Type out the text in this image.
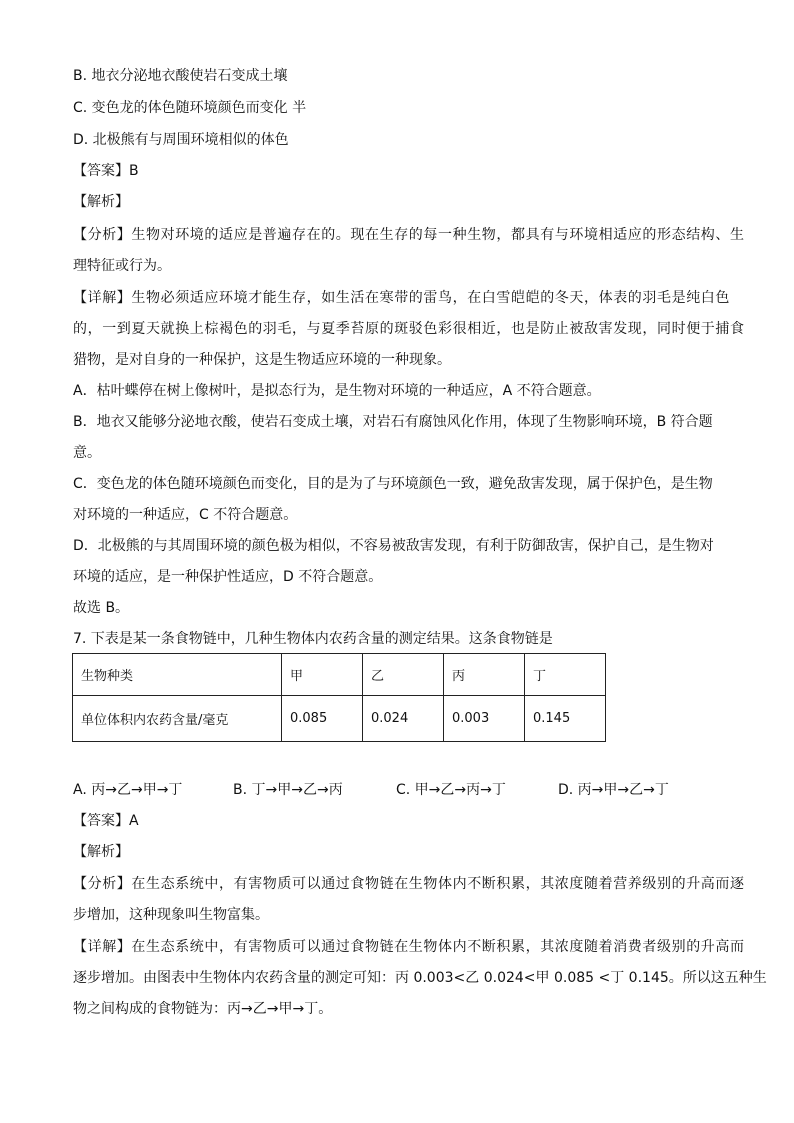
B. 地衣分泌地衣酸使岩石变成土壤
C. 变色龙的体色随环境颜色而变化 半
D. 北极熊有与周围环境相似的体色
【答案】B
【解析】
【分析】生物对环境的适应是普遍存在的。现在生存的每一种生物，都具有与环境相适应的形态结构、生
理特征或行为。
【详解】生物必须适应环境才能生存，如生活在寒带的雷鸟，在白雪皑皑的冬天，体表的羽毛是纯白色
的，一到夏天就换上棕褐色的羽毛，与夏季苔原的斑驳色彩很相近，也是防止被敌害发现，同时便于捕食
猎物，是对自身的一种保护，这是生物适应环境的一种现象。
A．枯叶蝶停在树上像树叶，是拟态行为，是生物对环境的一种适应，A 不符合题意。
B．地衣又能够分泌地衣酸，使岩石变成土壤，对岩石有腐蚀风化作用，体现了生物影响环境，B 符合题
意。
C．变色龙的体色随环境颜色而变化，目的是为了与环境颜色一致，避免敌害发现，属于保护色，是生物
对环境的一种适应，C 不符合题意。
D．北极熊的与其周围环境的颜色极为相似，不容易被敌害发现，有利于防御敌害，保护自己，是生物对
环境的适应，是一种保护性适应，D 不符合题意。
故选 B。
7. 下表是某一条食物链中，几种生物体内农药含量的测定结果。这条食物链是
生物种类	甲	乙	丙	丁
单位体积内农药含量/毫克	0.085	0.024	0.003	0.145
A. 丙→乙→甲→丁	B. 丁→甲→乙→丙	C. 甲→乙→丙→丁	D. 丙→甲→乙→丁
【答案】A
【解析】
【分析】在生态系统中，有害物质可以通过食物链在生物体内不断积累，其浓度随着营养级别的升高而逐
步增加，这种现象叫生物富集。
【详解】在生态系统中，有害物质可以通过食物链在生物体内不断积累，其浓度随着消费者级别的升高而
逐步增加。由图表中生物体内农药含量的测定可知：丙 0.003<乙 0.024<甲 0.085 <丁 0.145。所以这五种生
物之间构成的食物链为：丙→乙→甲→丁。
